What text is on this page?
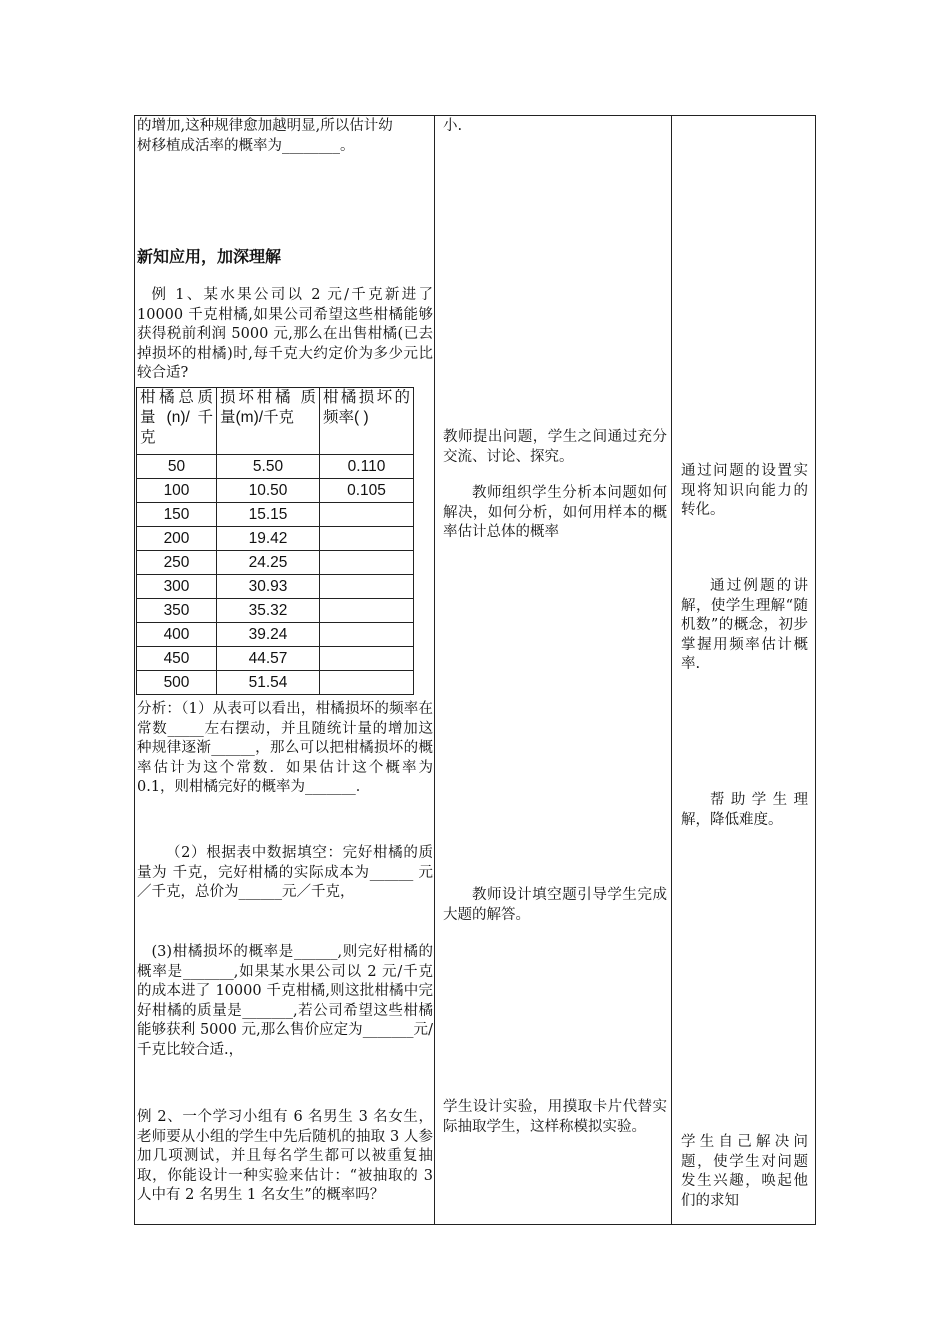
的增加,这种规律愈加越明显,所以估计幼
树移植成活率的概率为________。
新知应用，加深理解
例 1、某水果公司以 2 元/千克新进了10000 千克柑橘,如果公司希望这些柑橘能够获得税前利润 5000 元,那么在出售柑橘(已去掉损坏的柑橘)时,每千克大约定价为多少元比较合适?
柑橘总质量 (n)/ 千克	损坏柑橘 质 量(m)/千克	柑橘损坏的频率( )
50	5.50	0.110
100	10.50	0.105
150	15.15	
200	19.42	
250	24.25	
300	30.93	
350	35.32	
400	39.24	
450	44.57	
500	51.54	
分析：（1）从表可以看出，柑橘损坏的频率在常数_____左右摆动，并且随统计量的增加这种规律逐渐______，那么可以把柑橘损坏的概率估计为这个常数．如果估计这个概率为 0.1，则柑橘完好的概率为_______．
（2）根据表中数据填空：完好柑橘的质量为 千克，完好柑橘的实际成本为______ 元／千克，总价为______元／千克，
(3)柑橘损坏的概率是______,则完好柑橘的概率是_______,如果某水果公司以 2 元/千克的成本进了 10000 千克柑橘,则这批柑橘中完好柑橘的质量是_______,若公司希望这些柑橘能够获利 5000 元,那么售价应定为_______元/千克比较合适.，
例 2、一个学习小组有 6 名男生 3 名女生，老师要从小组的学生中先后随机的抽取 3 人参加几项测试，并且每名学生都可以被重复抽取，你能设计一种实验来估计：“被抽取的 3 人中有 2 名男生 1 名女生”的概率吗？
小.
教师提出问题，学生之间通过充分交流、讨论、探究。
教师组织学生分析本问题如何解决，如何分析，如何用样本的概率估计总体的概率
教师设计填空题引导学生完成大题的解答。
学生设计实验，用摸取卡片代替实际抽取学生，这样称模拟实验。
通过问题的设置实现将知识向能力的转化。
通过例题的讲解，使学生理解“随机数”的概念，初步掌握用频率估计概率.
帮助学生理解，降低难度。
学生自己解决问题，使学生对问题发生兴趣，唤起他们的求知
